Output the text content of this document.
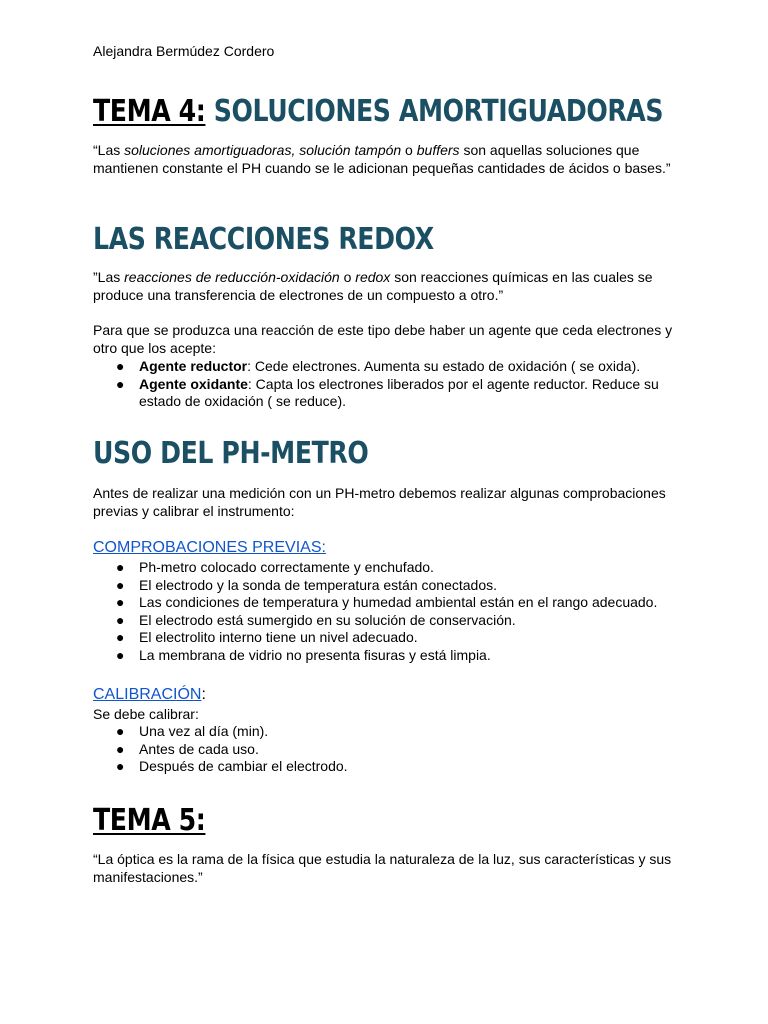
Alejandra Bermúdez Cordero
TEMA 4: SOLUCIONES AMORTIGUADORAS

“Las soluciones amortiguadoras, solución tampón o buffers son aquellas soluciones que mantienen constante el PH cuando se le adicionan pequeñas cantidades de ácidos o bases.”

LAS REACCIONES REDOX

”Las reacciones de reducción-oxidación o redox son reacciones químicas en las cuales se produce una transferencia de electrones de un compuesto a otro.”

Para que se produzca una reacción de este tipo debe haber un agente que ceda electrones y otro que los acepte:

● Agente reductor: Cede electrones. Aumenta su estado de oxidación ( se oxida).
● Agente oxidante: Capta los electrones liberados por el agente reductor. Reduce su estado de oxidación ( se reduce).
USO DEL PH-METRO

Antes de realizar una medición con un PH-metro debemos realizar algunas comprobaciones previas y calibrar el instrumento:

COMPROBACIONES PREVIAS:
● Ph-metro colocado correctamente y enchufado.
● El electrodo y la sonda de temperatura están conectados.
● Las condiciones de temperatura y humedad ambiental están en el rango adecuado.
● El electrodo está sumergido en su solución de conservación.
● El electrolito interno tiene un nivel adecuado.
● La membrana de vidrio no presenta fisuras y está limpia.
CALIBRACIÓN:

Se debe calibrar:

● Una vez al día (min).
● Antes de cada uso.
● Después de cambiar el electrodo.
TEMA 5:

“La óptica es la rama de la física que estudia la naturaleza de la luz, sus características y sus manifestaciones.”
